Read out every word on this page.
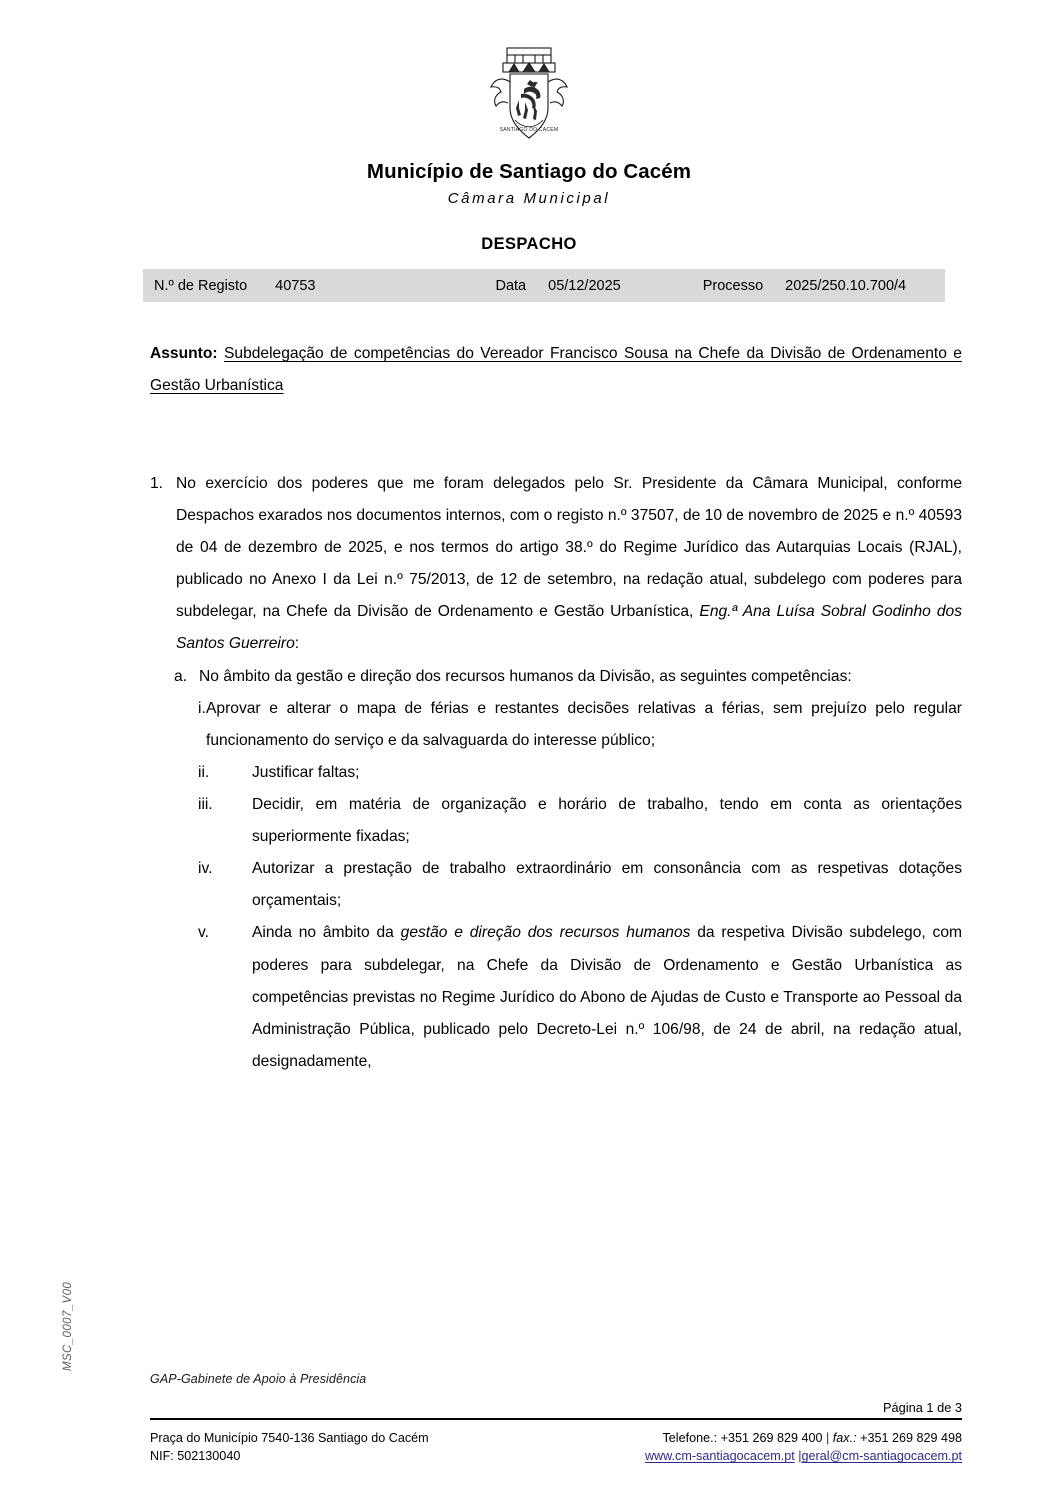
MSC_0007_V00
SANTIAGO DO CACÉM
Município de Santiago do Cacém
Câmara Municipal
DESPACHO
N.º de Registo 40753	Data 05/12/2025	Processo 2025/250.10.700/4
Assunto: Subdelegação de competências do Vereador Francisco Sousa na Chefe da Divisão de Ordenamento e Gestão Urbanística
1. No exercício dos poderes que me foram delegados pelo Sr. Presidente da Câmara Municipal, conforme Despachos exarados nos documentos internos, com o registo n.º 37507, de 10 de novembro de 2025 e n.º 40593 de 04 de dezembro de 2025, e nos termos do artigo 38.º do Regime Jurídico das Autarquias Locais (RJAL), publicado no Anexo I da Lei n.º 75/2013, de 12 de setembro, na redação atual, subdelego com poderes para subdelegar, na Chefe da Divisão de Ordenamento e Gestão Urbanística, Eng.ª Ana Luísa Sobral Godinho dos Santos Guerreiro:
a. No âmbito da gestão e direção dos recursos humanos da Divisão, as seguintes competências:
i. Aprovar e alterar o mapa de férias e restantes decisões relativas a férias, sem prejuízo pelo regular funcionamento do serviço e da salvaguarda do interesse público;
ii.	Justificar faltas;
iii.	Decidir, em matéria de organização e horário de trabalho, tendo em conta as orientações superiormente fixadas;
iv.	Autorizar a prestação de trabalho extraordinário em consonância com as respetivas dotações orçamentais;
v.	Ainda no âmbito da gestão e direção dos recursos humanos da respetiva Divisão subdelego, com poderes para subdelegar, na Chefe da Divisão de Ordenamento e Gestão Urbanística as competências previstas no Regime Jurídico do Abono de Ajudas de Custo e Transporte ao Pessoal da Administração Pública, publicado pelo Decreto-Lei n.º 106/98, de 24 de abril, na redação atual, designadamente,
GAP-Gabinete de Apoio à Presidência
Página 1 de 3
Praça do Município 7540-136 Santiago do Cacém
NIF: 502130040
Telefone.: +351 269 829 400 | fax.: +351 269 829 498
www.cm-santiagocacem.pt |geral@cm-santiagocacem.pt
